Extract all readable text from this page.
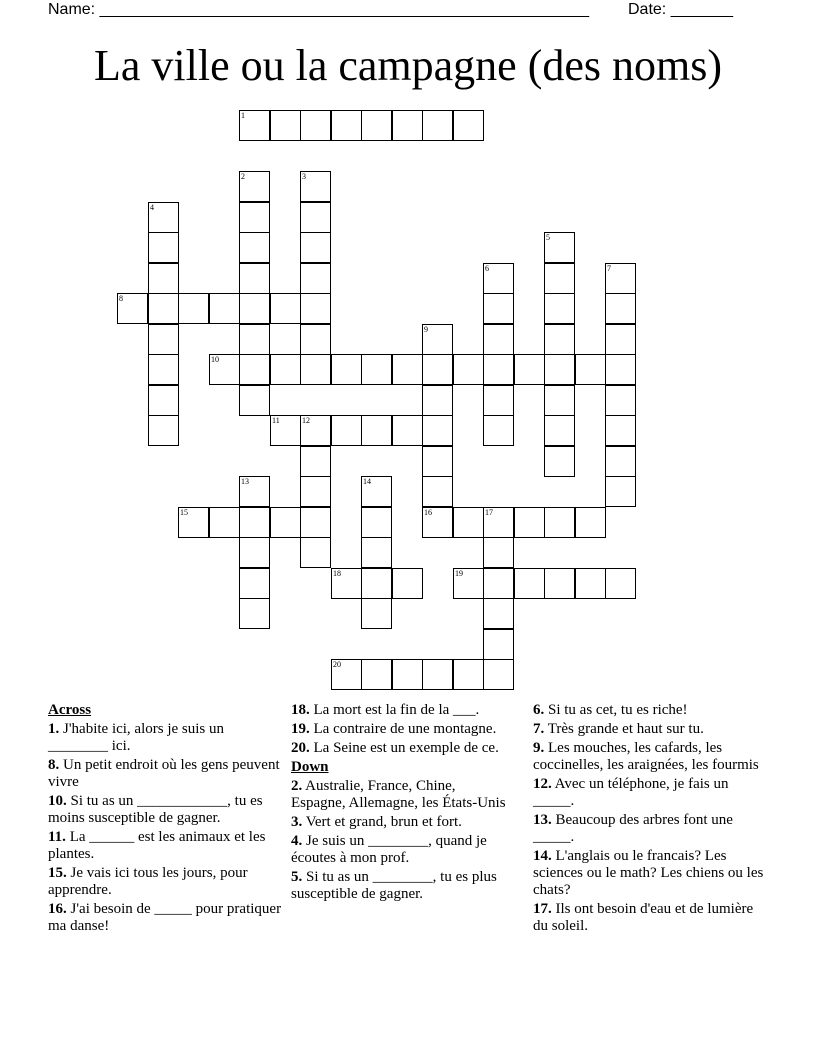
Name: _______________________________________________________ Date: _______
La ville ou la campagne (des noms)
1
2	3
4
5
6	7
8
9
16
10
11	12
13	14
15	17
18	19
20
Across
1. J'habite ici, alors je suis un ________ ici.
8. Un petit endroit où les gens peuvent vivre
10. Si tu as un ____________, tu es moins susceptible de gagner.
11. La ______ est les animaux et les plantes.
15. Je vais ici tous les jours, pour apprendre.
16. J'ai besoin de _____ pour pratiquer ma danse!
18. La mort est la fin de la ___.
19. La contraire de une montagne.
20. La Seine est un exemple de ce.
Down
2. Australie, France, Chine, Espagne, Allemagne, les États-Unis
3. Vert et grand, brun et fort.
4. Je suis un ________, quand je écoutes à mon prof.
5. Si tu as un ________, tu es plus susceptible de gagner.
6. Si tu as cet, tu es riche!
7. Très grande et haut sur tu.
9. Les mouches, les cafards, les coccinelles, les araignées, les fourmis
12. Avec un téléphone, je fais un _____.
13. Beaucoup des arbres font une _____.
14. L'anglais ou le francais? Les sciences ou le math? Les chiens ou les chats?
17. Ils ont besoin d'eau et de lumière du soleil.
